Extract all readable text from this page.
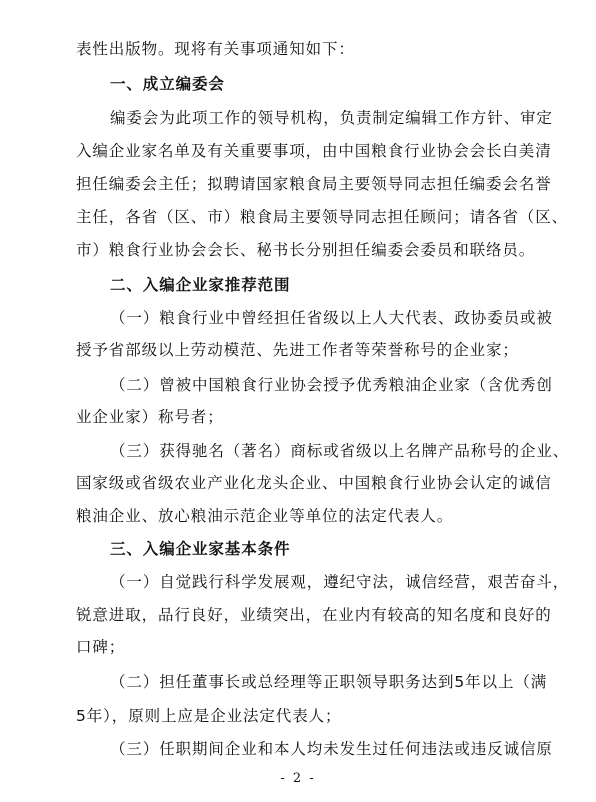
表性出版物。现将有关事项通知如下：
一、成立编委会
编委会为此项工作的领导机构，负责制定编辑工作方针、审定
入编企业家名单及有关重要事项，由中国粮食行业协会会长白美清
担任编委会主任；拟聘请国家粮食局主要领导同志担任编委会名誉
主任，各省（区、市）粮食局主要领导同志担任顾问；请各省（区、
市）粮食行业协会会长、秘书长分别担任编委会委员和联络员。
二、入编企业家推荐范围
（一）粮食行业中曾经担任省级以上人大代表、政协委员或被
授予省部级以上劳动模范、先进工作者等荣誉称号的企业家；
（二）曾被中国粮食行业协会授予优秀粮油企业家（含优秀创
业企业家）称号者；
（三）获得驰名（著名）商标或省级以上名牌产品称号的企业、
国家级或省级农业产业化龙头企业、中国粮食行业协会认定的诚信
粮油企业、放心粮油示范企业等单位的法定代表人。
三、入编企业家基本条件
（一）自觉践行科学发展观，遵纪守法，诚信经营，艰苦奋斗，
锐意进取，品行良好，业绩突出，在业内有较高的知名度和良好的
口碑；
- 2 -
（二）担任董事长或总经理等正职领导职务达到5年以上（满
5年），原则上应是企业法定代表人；
（三）任职期间企业和本人均未发生过任何违法或违反诚信原
